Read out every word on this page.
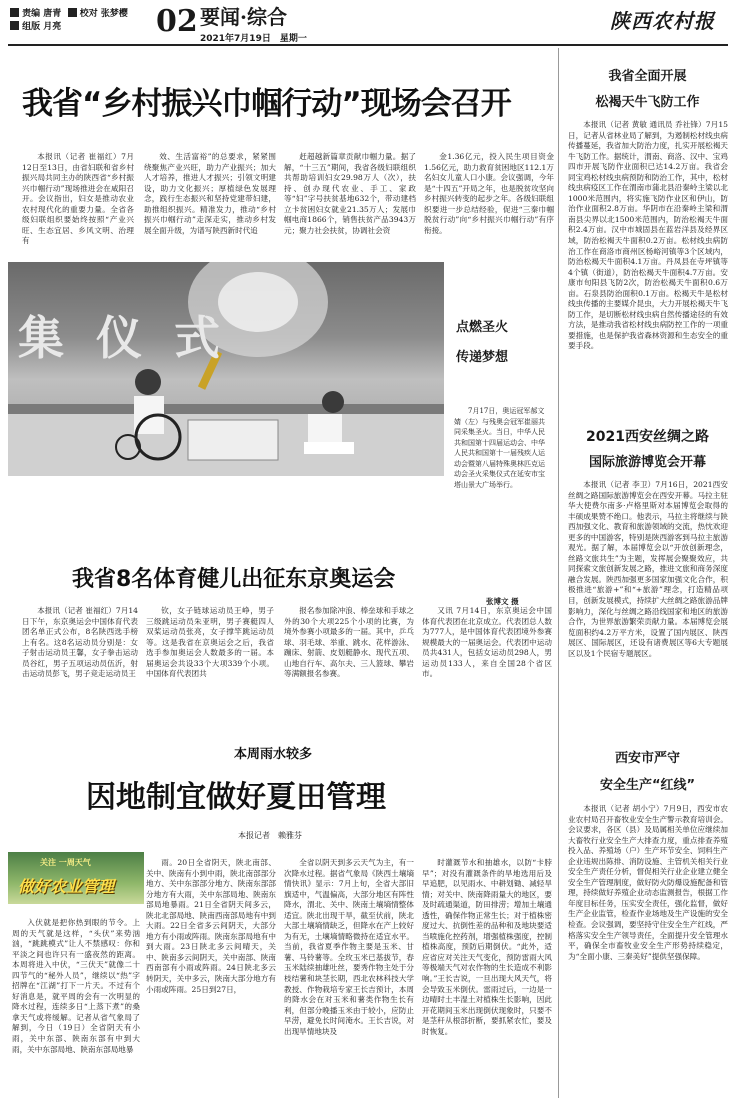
责编 唐青 校对 张梦樱
组版 月亮	02 要闻·综合
2021年7月19日　星期一
陕西农村报
我省“乡村振兴巾帼行动”现场会召开

本报讯（记者 崔福红）7月12日至13日，由省妇联和省乡村振兴局共同主办的陕西省“乡村振兴巾帼行动”现场推进会在咸阳召开。会议指出，妇女是推动农业农村现代化的重要力量。全省各级妇联组织要始终按照“产业兴旺、生态宜居、乡风文明、治理有

效、生活富裕”的总要求，紧紧围绕聚焦产业兴旺，助力产业振兴；加大人才培养，推进人才振兴；引领文明建设，助力文化振兴；厚植绿色发展理念，践行生态振兴和坚持党建带妇建，助推组织振兴。精准发力，推动“乡村振兴巾帼行动”走深走实，推动乡村发展全面升级，为谱写陕西新时代追

赶超越新篇章贡献巾帼力量。据了解，“十三五”期间，我省各级妇联组织共帮助培训妇女29.98万人（次），扶持、创办现代农业、手工、家政等“妇”字号扶贫基地632个，带动建档立卡贫困妇女就业21.35万人；发展巾帼电商1866个，销售扶贫产品3943万元；聚力社会扶贫，协调社会资

金1.36亿元，投入民生项目资金1.56亿元，助力救育贫困地区112.1万名妇女儿童人口小康。会议强调，今年是“十四五”开局之年，也是脱贫攻坚向乡村振兴转变的起步之年。各级妇联组织要进一步总结经验，促进“三秦巾帼脱贫行动”向“乡村振兴巾帼行动”有序衔接。

集 仪 式	点燃圣火
传递梦想
7月17日，奥运冠军郝文婧（左）与残奥会冠军崔丽共同采集圣火。当日，中华人民共和国第十四届运动会、中华人民共和国第十一届残疾人运动会暨第八届特殊奥林匹克运动会圣火采集仪式在延安市宝塔山景大广场举行。
张博文 摄
我省8名体育健儿出征东京奥运会

本报讯（记者 崔福红）7月14日下午，东京奥运会中国体育代表团名单正式公布，8名陕西选手榜上有名。这8名运动员分别是：女子射击运动员王馨，女子拳击运动员谷红，男子五项运动员伍沂，射击运动员彭飞，男子竞走运动员王

钦，女子链球运动员王峥，男子三级跳运动员朱亚明，男子赛艇四人双桨运动员张亮，女子撑竿跳运动员等。这是我省在京奥运会之后，我省选手参加奥运会人数最多的一届。本届奥运会共设33个大项339个小项。中国体育代表团共

报名参加除冲浪、棒垒球和手球之外的30个大项225个小项的比赛，为境外参赛小项最多的一届。其中，乒乓球、羽毛球、举重、跳水、花样游泳、蹦床、射箭、皮划艇静水、现代五项、山地自行车、高尔夫、三人篮球、攀岩等满额报名参赛。

又讯 7月14日，东京奥运会中国体育代表团在北京成立。代表团总人数为777人，是中国体育代表团境外参赛规模最大的一届奥运会。代表团中运动员共431人，包括女运动员298人，男运动员133人，来自全国28个省区市。

本周雨水较多
因地制宜做好夏田管理
本报记者　赖雅芬
关注 一周天气
做好农业管理

入伏就是把你热到眼的节令。上周的天气就是这样，“头伏”来势汹汹，“跳跳模式”让人不禁感叹：你和平淡之间也许只有一盛夜然的距离。本周将进入中伏，“三伏天”就像二十四节气的“秘外人员”，继续以“热”字招牌在“江湖”打下一片天。不过有个好消息是，就平周的会有一次明显的降水过程，连续多日“上蒸下煮”的桑拿天气或将缓解。记者从省气象局了解到，今日（19日）全省阴天有小雨，关中东部、陕南东部有中到大雨，关中东部局地、陕南东部局地暴

雨。20日全省阴天，陕北南部、关中、陕南有小到中雨，陕北南部部分地方、关中东部部分地方、陕南东部部分地方有大雨，关中东部局地、陕南东部局地暴雨。21日全省阴天间多云，陕北北部局地、陕南西南部局地有中到大雨。22日全省多云间阴天，大部分地方有小雨或阵雨。陕南东部局地有中到大雨。23日陕北多云间晴天，关中、陕南多云间阴天，关中南部、陕南西南部有小雨或阵雨。24日陕北多云转阴天，关中多云，陕南大部分地方有小雨或阵雨。25日到27日，

全省以阴天到多云天气为主，有一次降水过程。据省气象局《陕西土壤墒情快讯》显示：7月上旬，全省大部旧旗适中，气温偏高，大部分地区有阵性降水，渭北、关中、陕南土壤墒情整体适宜。陕北出现干旱，截至伏前，陕北大部土壤墒情缺乏，但降水在产上较好为有无，土壤墒情略微持在适宜水平。当前，我省夏季作物主要是玉米、甘薯、马铃薯等。全玫玉米已基拔节，春玉米陆续抽雄吐丝，要秀作物主处于分枝结薯和块茎长期，西北农林科技大学教授、作物栽培专家王长吉预计，本周的降水会在对玉米和薯类作物生长有利，但部分晚播玉米由于较小，应防止早涝，避免长时间淹水。王长吉说，对出现旱情地块及

时灌溉节水和抽雄水，以防“卡脖早”；对没有灌溉条件的旱地选用后及早追肥，以见雨水、中耕划锄、减轻旱情；对关中、陕南降雨量大的地区，要及时疏通渠道，防田排涝；增加土壤通透性，确保作物正常生长；对于植株密度过大、抗倒性差的品种和及地块要适当喷施化控药剂，增强植株强度，控制植株高度，预防后期倒伏。“此外，适应省应对关注天气变化，预防雷雨大风等极端天气对农作物的生长造成不利影响。”王长吉说，一旦出现大风天气，将会导致玉米倒伏。雷雨过后，一边是一边晴时土丰湿土对植株生长影响，因此开花期间玉米出现倒伏现象时，只要不是茎秆从根部折断，要抓紧农忙，要及时恢复。

我省全面开展
松褐天牛飞防工作

本报讯（记者 黄敏 通讯员 乔社锋）7月15日，记者从省林业局了解到，为遏制松材线虫病传播蔓延，我省加大防治力度，扎实开展松褐天牛飞防工作。据统计，渭南、商洛、汉中、宝鸡四市开展飞防作业面积已达14.2万亩。我省会同宝鸡松材线虫病预防和防治工作，其中，松材线虫病疫区工作在渭南市蒲北县沿秦岭主梁以北1000米范围内，将实施飞防作业区和伊山，防治作业面积2.8万亩。华阴市在沿秦岭主梁和渭南县尖界以北1500米范围内，防治松褐天牛面积2.4万亩。汉中市城固县在蓝岩洋县及经界区域，防治松褐天牛面积0.2万亩。松材线虫病防治工作在商洛市商州区杨峪河镇等3个区域内，防治松褐天牛面积4.1万亩。丹凤县在寺坪镇等4个镇（街道），防治松褐天牛面积4.7万亩。安康市旬阳县飞防2次，防治松褐天牛面积0.6万亩。石泉县防治面积0.1万亩。松褐天牛是松材线虫传播的主要媒介昆虫，大力开展松褐天牛飞防工作，是切断松材线虫病自然传播途径的有效方法，是推动我省松材线虫病防控工作的一项重要措施，也是保护我省森林资源和生态安全的重要手段。

2021西安丝绸之路
国际旅游博览会开幕

本报讯（记者 李卫）7月16日，2021西安丝绸之路国际旅游博览会在西安开幕。马拉主驻华大使费尔南多·卢格里斯对本届博览会取得的丰硕成果赞不绝口。他表示，马拉主将继续与陕西加强文化、教育和旅游领域的交流，热忱欢迎更多的中国游客，特别是陕西游客到马拉主旅游观光。据了解，本届博览会以“开放创新理念，丝路文旅共生”为主题，发挥展会聚聚效应，共同探索文旅创新发展之路，推进文旅和商务深度融合发展。陕西加强更多国家加强文化合作，积极推进“旅游+”和“+旅游”理念，打造精品项目，创新发展模式，持续扩大丝绸之路旅游品牌影响力，深化与丝绸之路沿线国家和地区的旅游合作，为世界旅游繁荣贡献力量。本届博览会展览面积约4.2万平方米，设置了国内展区、陕西展区、国际展区，还设有诸费展区等6大专题展区以及1个民宿专题展区。

西安市严守
安全生产“红线”

本报讯（记者 胡小宁）7月9日，西安市农业农村局召开畜牧业安全生产警示教育培训会。会议要求，各区（县）及局属相关单位应继续加大畜牧行业安全生产大排查力度，重点排查养殖投入品、养殖场（户）生产环节安全、饲料生产企业违规出陈排、消防设施、主管机关相关行业安全生产责任分析，督促相关行业企业建立健全安全生产管理制度，做好防火防爆设施配备和管理，持续做好养殖企业动态监测报告，根据工作年度目标任务，压实安全责任，强化监督，做好生产企业监管，检查作业场地及生产设施的安全检查。会议强调，要坚持守住安全生产红线，严格落实安全生产领导责任，全面提升安全管理水平，确保全市畜牧业安全生产形势持续稳定，为“全面小康、三秦美好”提供坚强保障。
